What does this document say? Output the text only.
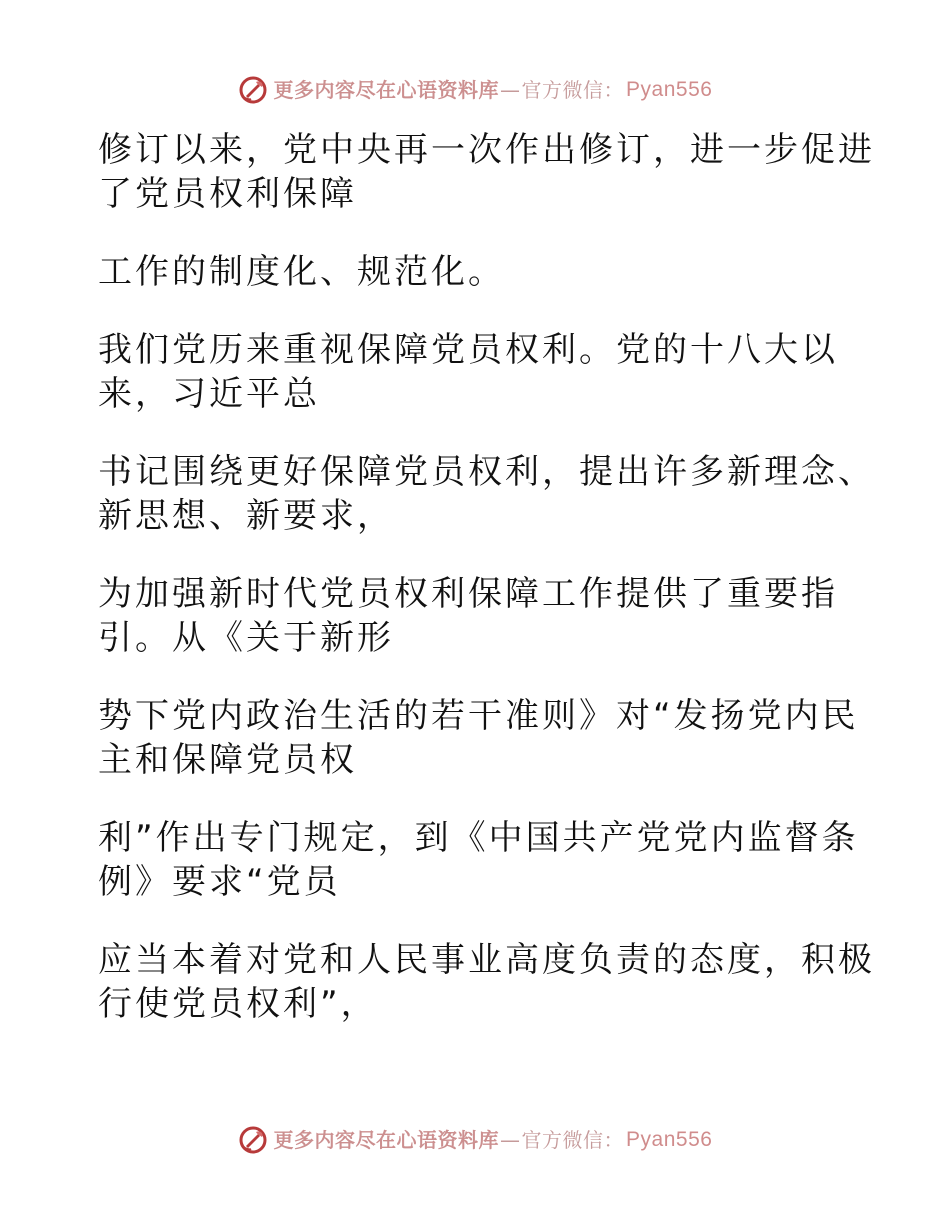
更多内容尽在心语资料库 — 官方微信： Pyan556

修订以来，党中央再一次作出修订，进一步促进
了党员权利保障

工作的制度化、规范化。

我们党历来重视保障党员权利。党的十八大以
来，习近平总

书记围绕更好保障党员权利，提出许多新理念、
新思想、新要求，

为加强新时代党员权利保障工作提供了重要指
引。从《关于新形

势下党内政治生活的若干准则》对“发扬党内民
主和保障党员权

利”作出专门规定，到《中国共产党党内监督条
例》要求“党员

应当本着对党和人民事业高度负责的态度，积极
行使党员权利”，

更多内容尽在心语资料库 — 官方微信： Pyan556
